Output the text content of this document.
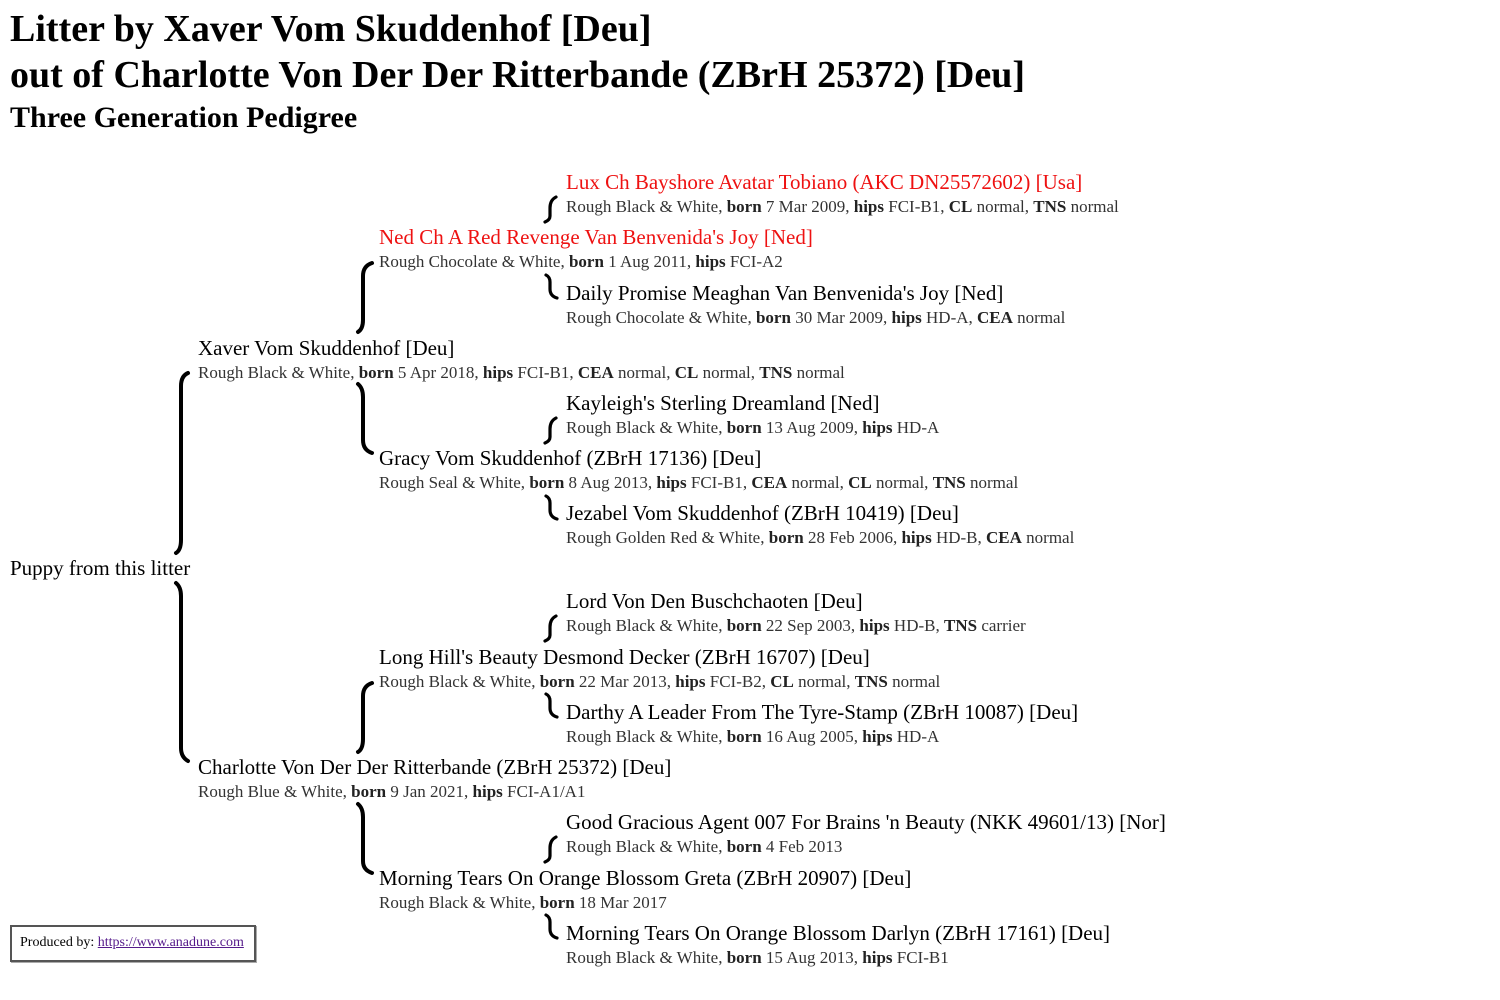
Litter by Xaver Vom Skuddenhof [Deu]
out of Charlotte Von Der Der Ritterbande (ZBrH 25372) [Deu]
Three Generation Pedigree
Puppy from this litter
Lux Ch Bayshore Avatar Tobiano (AKC DN25572602) [Usa]
Rough Black & White, born 7 Mar 2009, hips FCI-B1, CL normal, TNS normal
Ned Ch A Red Revenge Van Benvenida's Joy [Ned]
Rough Chocolate & White, born 1 Aug 2011, hips FCI-A2
Daily Promise Meaghan Van Benvenida's Joy [Ned]
Rough Chocolate & White, born 30 Mar 2009, hips HD-A, CEA normal
Xaver Vom Skuddenhof [Deu]
Rough Black & White, born 5 Apr 2018, hips FCI-B1, CEA normal, CL normal, TNS normal
Kayleigh's Sterling Dreamland [Ned]
Rough Black & White, born 13 Aug 2009, hips HD-A
Gracy Vom Skuddenhof (ZBrH 17136) [Deu]
Rough Seal & White, born 8 Aug 2013, hips FCI-B1, CEA normal, CL normal, TNS normal
Jezabel Vom Skuddenhof (ZBrH 10419) [Deu]
Rough Golden Red & White, born 28 Feb 2006, hips HD-B, CEA normal
Lord Von Den Buschchaoten [Deu]
Rough Black & White, born 22 Sep 2003, hips HD-B, TNS carrier
Long Hill's Beauty Desmond Decker (ZBrH 16707) [Deu]
Rough Black & White, born 22 Mar 2013, hips FCI-B2, CL normal, TNS normal
Darthy A Leader From The Tyre-Stamp (ZBrH 10087) [Deu]
Rough Black & White, born 16 Aug 2005, hips HD-A
Charlotte Von Der Der Ritterbande (ZBrH 25372) [Deu]
Rough Blue & White, born 9 Jan 2021, hips FCI-A1/A1
Good Gracious Agent 007 For Brains 'n Beauty (NKK 49601/13) [Nor]
Rough Black & White, born 4 Feb 2013
Morning Tears On Orange Blossom Greta (ZBrH 20907) [Deu]
Rough Black & White, born 18 Mar 2017
Morning Tears On Orange Blossom Darlyn (ZBrH 17161) [Deu]
Rough Black & White, born 15 Aug 2013, hips FCI-B1
Produced by: https://www.anadune.com
